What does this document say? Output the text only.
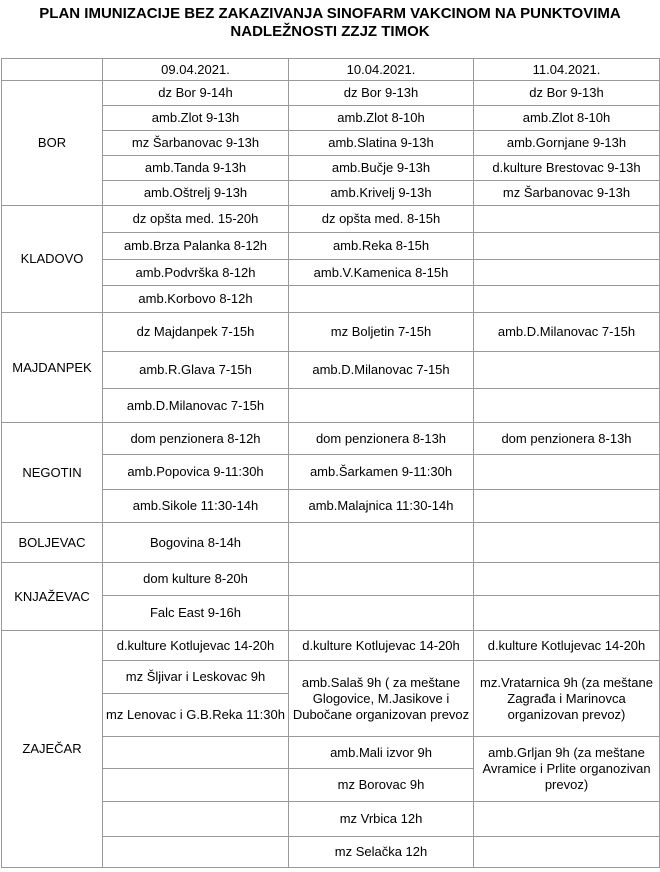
PLAN IMUNIZACIJE BEZ ZAKAZIVANJA SINOFARM VAKCINOM NA PUNKTOVIMA
NADLEŽNOSTI ZZJZ TIMOK
	09.04.2021.	10.04.2021.	11.04.2021.
BOR	dz Bor 9-14h	dz Bor 9-13h	dz Bor 9-13h
	amb.Zlot 9-13h	amb.Zlot 8-10h	amb.Zlot 8-10h
	mz Šarbanovac 9-13h	amb.Slatina 9-13h	amb.Gornjane 9-13h
	amb.Tanda 9-13h	amb.Bučje 9-13h	d.kulture Brestovac 9-13h
	amb.Oštrelj 9-13h	amb.Krivelj 9-13h	mz Šarbanovac 9-13h
KLADOVO	dz opšta med. 15-20h	dz opšta med. 8-15h	
	amb.Brza Palanka 8-12h	amb.Reka 8-15h	
	amb.Podvrška 8-12h	amb.V.Kamenica 8-15h	
	amb.Korbovo 8-12h		
MAJDANPEK	dz Majdanpek 7-15h	mz Boljetin 7-15h	amb.D.Milanovac 7-15h
	amb.R.Glava 7-15h	amb.D.Milanovac 7-15h	
	amb.D.Milanovac 7-15h		
NEGOTIN	dom penzionera 8-12h	dom penzionera 8-13h	dom penzionera 8-13h
	amb.Popovica 9-11:30h	amb.Šarkamen 9-11:30h	
	amb.Sikole 11:30-14h	amb.Malajnica 11:30-14h	
BOLJEVAC	Bogovina 8-14h		
KNJAŽEVAC	dom kulture 8-20h		
	Falc East 9-16h		
ZAJEČAR	d.kulture Kotlujevac 14-20h	d.kulture Kotlujevac 14-20h	d.kulture Kotlujevac 14-20h
	mz Šljivar i Leskovac 9h	amb.Salaš 9h ( za meštane Glogovice, M.Jasikove i Dubočane organizovan prevoz	mz.Vratarnica 9h (za meštane Zagrađa i Marinovca organizovan prevoz)
	mz Lenovac i G.B.Reka 11:30h		
		amb.Mali izvor 9h	amb.Grljan 9h (za meštane Avramice i Prlite organozivan prevoz)
		mz Borovac 9h	
		mz Vrbica 12h	
		mz Selačka 12h	
